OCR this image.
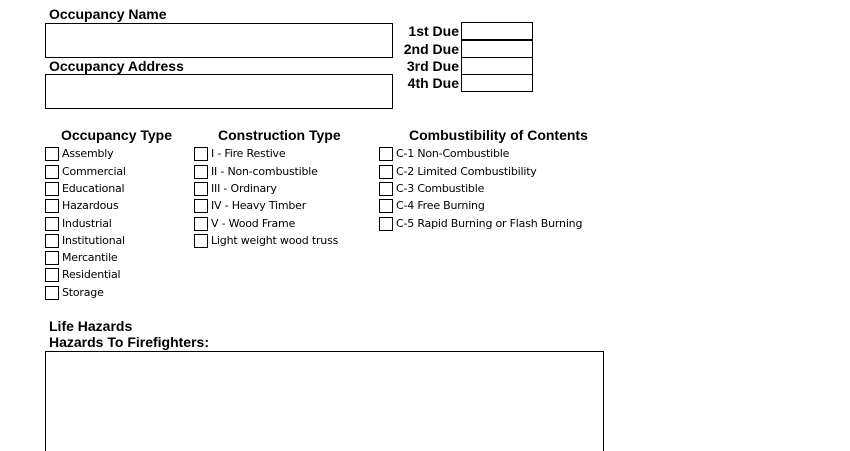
Occupancy Name
Occupancy Address
1st Due
2nd Due
3rd Due
4th Due
Occupancy Type	Construction Type	Combustibility of Contents
Assembly
Commercial
Educational
Hazardous
Industrial
Institutional
Mercantile
Residential
Storage
I - Fire Restive
II - Non-combustible
III - Ordinary
IV - Heavy Timber
V - Wood Frame
Light weight wood truss
C-1 Non-Combustible
C-2 Limited Combustibility
C-3 Combustible
C-4 Free Burning
C-5 Rapid Burning or Flash Burning
Life Hazards
Hazards To Firefighters:
